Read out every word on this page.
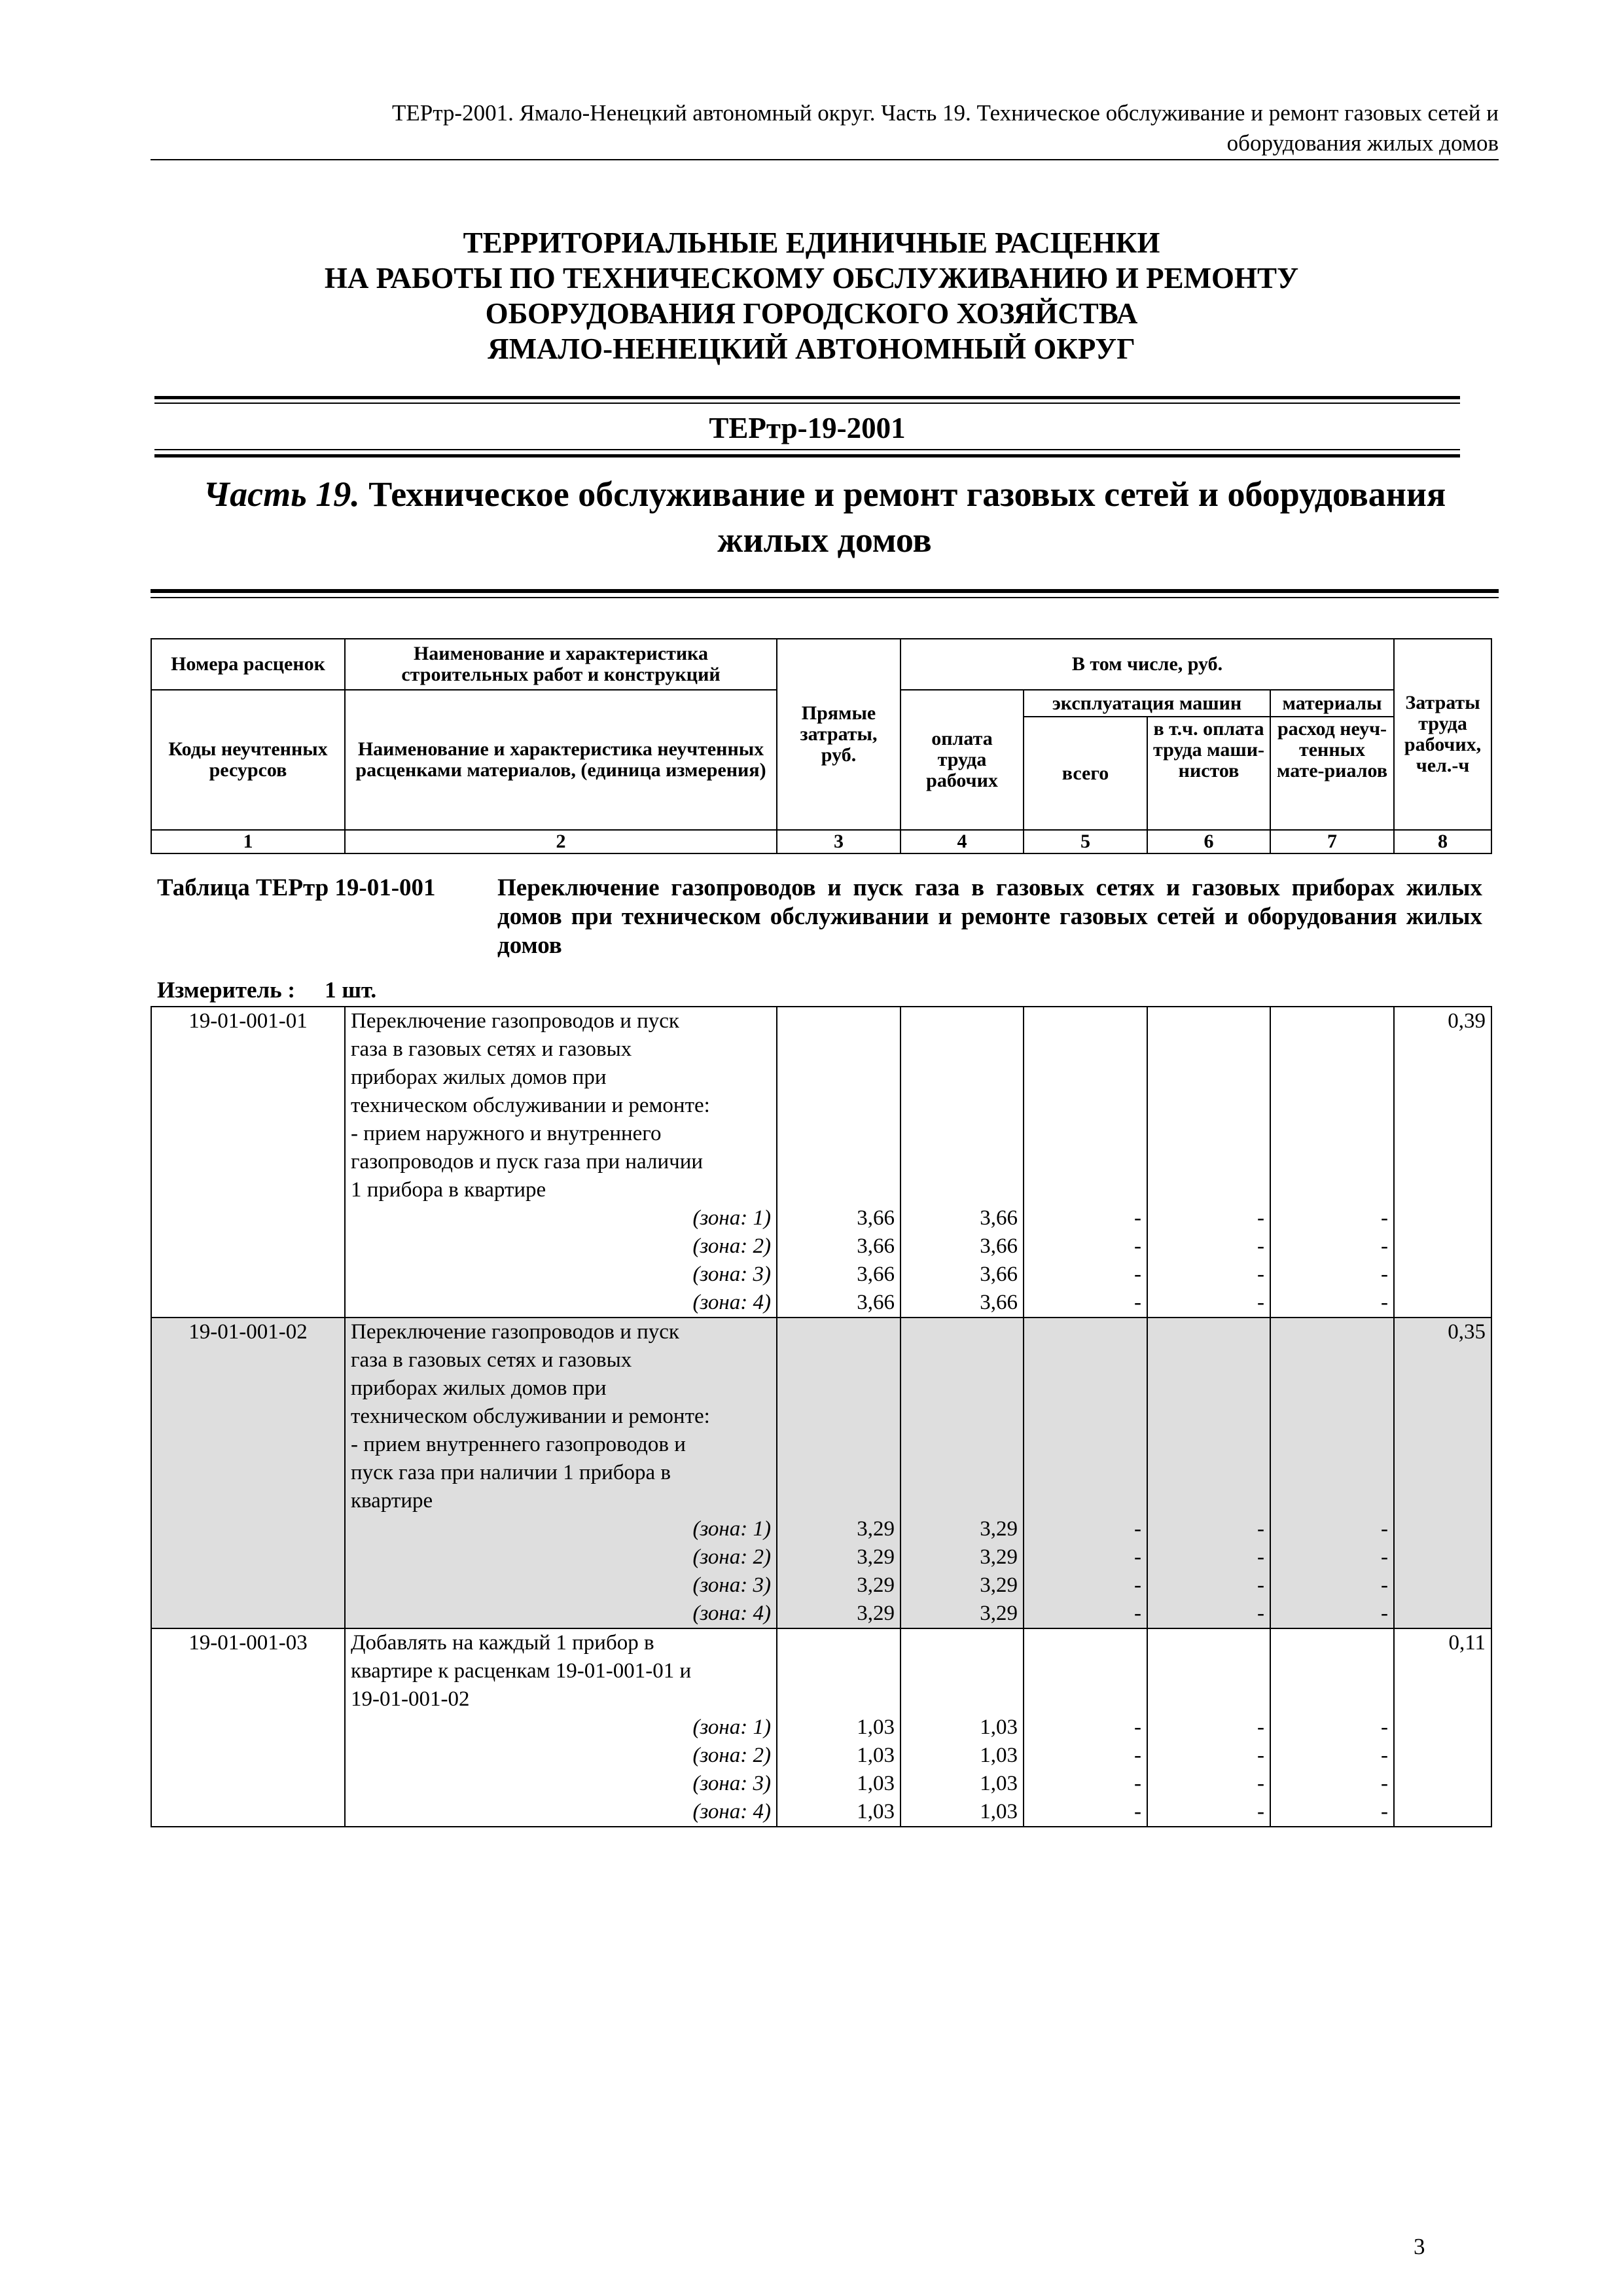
ТЕРтр-2001. Ямало-Ненецкий автономный округ. Часть 19. Техническое обслуживание и ремонт газовых сетей и
оборудования жилых домов
ТЕРРИТОРИАЛЬНЫЕ ЕДИНИЧНЫЕ РАСЦЕНКИ
НА РАБОТЫ ПО ТЕХНИЧЕСКОМУ ОБСЛУЖИВАНИЮ И РЕМОНТУ
ОБОРУДОВАНИЯ ГОРОДСКОГО ХОЗЯЙСТВА
ЯМАЛО-НЕНЕЦКИЙ АВТОНОМНЫЙ ОКРУГ
ТЕРтр-19-2001
Часть 19. Техническое обслуживание и ремонт газовых сетей и оборудования
жилых домов
Номера расценок	Наименование и характеристика строительных работ и конструкций	Прямые затраты, руб.	В том числе, руб.	Затраты труда рабочих, чел.-ч
Коды неучтенных ресурсов	Наименование и характеристика неучтенных расценками материалов, (единица измерения)	оплата труда рабочих	
эксплуатация машин	материалы
всего	в т.ч. оплата труда маши-нистов	расход неуч-тенных мате-риалов

1	2	3	4	5	6	7	8
Таблица ТЕРтр 19-01-001	Переключение газопроводов и пуск газа в газовых сетях и газовых приборах жилых домов при техническом обслуживании и ремонте газовых сетей и оборудования жилых домов
Измеритель : 1 шт.
19-01-001-01	Переключение газопроводов и пуск						0,39
	газа в газовых сетях и газовых						
	приборах жилых домов при						
	техническом обслуживании и ремонте:						
	- прием наружного и внутреннего						
	газопроводов и пуск газа при наличии						
	1 прибора в квартире						
	(зона: 1)	3,66	3,66	-	-	-	
	(зона: 2)	3,66	3,66	-	-	-	
	(зона: 3)	3,66	3,66	-	-	-	
	(зона: 4)	3,66	3,66	-	-	-	
19-01-001-02	Переключение газопроводов и пуск						0,35
	газа в газовых сетях и газовых						
	приборах жилых домов при						
	техническом обслуживании и ремонте:						
	- прием внутреннего газопроводов и						
	пуск газа при наличии 1 прибора в						
	квартире						
	(зона: 1)	3,29	3,29	-	-	-	
	(зона: 2)	3,29	3,29	-	-	-	
	(зона: 3)	3,29	3,29	-	-	-	
	(зона: 4)	3,29	3,29	-	-	-	
19-01-001-03	Добавлять на каждый 1 прибор в						0,11
	квартире к расценкам 19-01-001-01 и						
	19-01-001-02						
	(зона: 1)	1,03	1,03	-	-	-	
	(зона: 2)	1,03	1,03	-	-	-	
	(зона: 3)	1,03	1,03	-	-	-	
	(зона: 4)	1,03	1,03	-	-	-	
3
